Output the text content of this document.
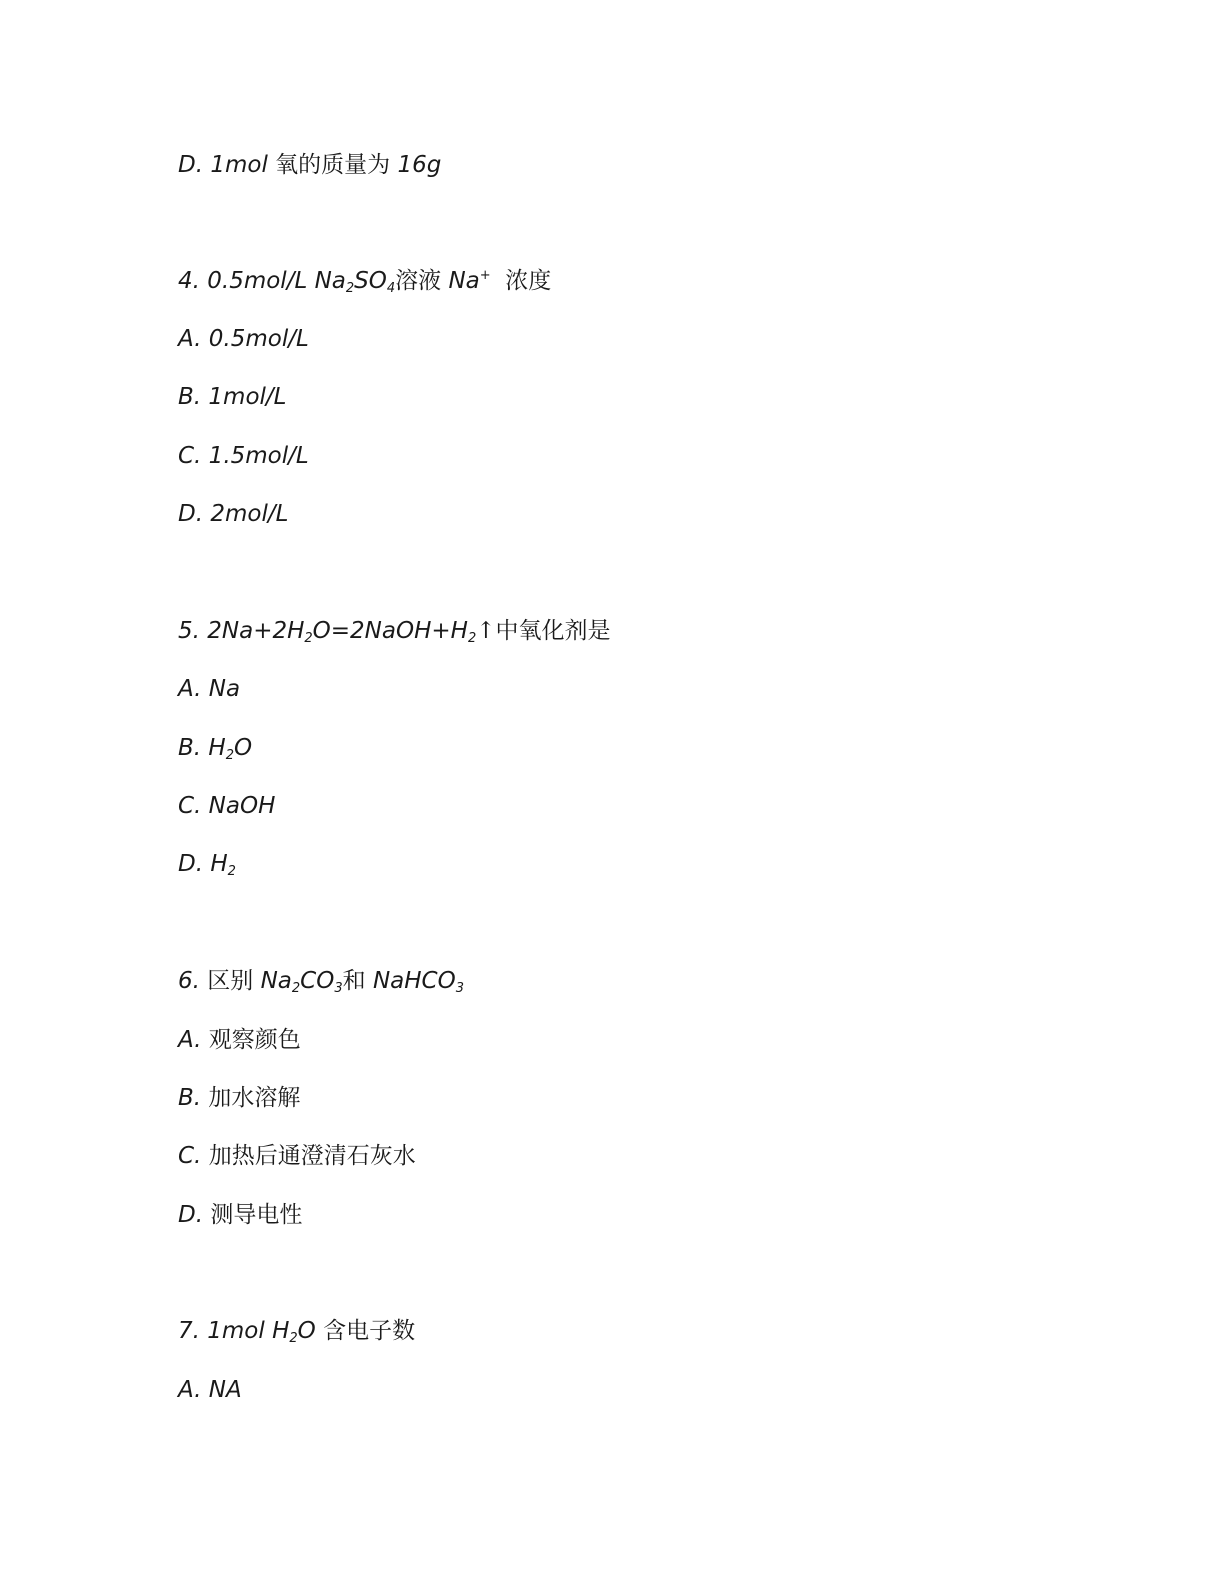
D. 1mol 氧的质量为 16g
4. 0.5mol/L $Na_2SO_4$溶液 Na+  浓度
A. 0.5mol/L
B. 1mol/L
C. 1.5mol/L
D. 2mol/L
5. $2Na+2H_2O=2NaOH+H_2↑$中氧化剂是
A. Na
B. $H_2O$
C. NaOH
D. $H_2$
6. 区别 $Na_2CO_3$和 NaHCO$_3$
A. 观察颜色
B. 加水溶解
C. 加热后通澄清石灰水
D. 测导电性
7. 1mol $H_2O$ 含电子数
A. NA
